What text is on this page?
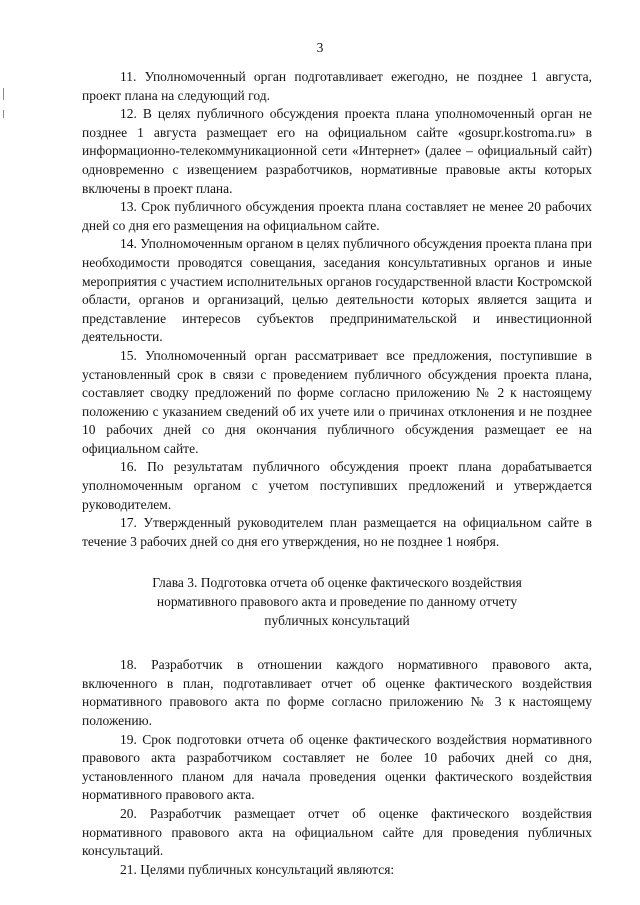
3

11. Уполномоченный орган подготавливает ежегодно, не позднее 1 августа, проект плана на следующий год.

12. В целях публичного обсуждения проекта плана уполномоченный орган не позднее 1 августа размещает его на официальном сайте «gosupr.kostroma.ru» в информационно-телекоммуникационной сети «Интернет» (далее – официальный сайт) одновременно с извещением разработчиков, нормативные правовые акты которых включены в проект плана.

13. Срок публичного обсуждения проекта плана составляет не менее 20 рабочих дней со дня его размещения на официальном сайте.

14. Уполномоченным органом в целях публичного обсуждения проекта плана при необходимости проводятся совещания, заседания консультативных органов и иные мероприятия с участием исполнительных органов государственной власти Костромской области, органов и организаций, целью деятельности которых является защита и представление интересов субъектов предпринимательской и инвестиционной деятельности.

15. Уполномоченный орган рассматривает все предложения, поступившие в установленный срок в связи с проведением публичного обсуждения проекта плана, составляет сводку предложений по форме согласно приложению № 2 к настоящему положению с указанием сведений об их учете или о причинах отклонения и не позднее 10 рабочих дней со дня окончания публичного обсуждения размещает ее на официальном сайте.

16. По результатам публичного обсуждения проект плана дорабатывается уполномоченным органом с учетом поступивших предложений и утверждается руководителем.

17. Утвержденный руководителем план размещается на официальном сайте в течение 3 рабочих дней со дня его утверждения, но не позднее 1 ноября.

Глава 3. Подготовка отчета об оценке фактического воздействия
нормативного правового акта и проведение по данному отчету
публичных консультаций

18. Разработчик в отношении каждого нормативного правового акта, включенного в план, подготавливает отчет об оценке фактического воздействия нормативного правового акта по форме согласно приложению № 3 к настоящему положению.

19. Срок подготовки отчета об оценке фактического воздействия нормативного правового акта разработчиком составляет не более 10 рабочих дней со дня, установленного планом для начала проведения оценки фактического воздействия нормативного правового акта.

20. Разработчик размещает отчет об оценке фактического воздействия нормативного правового акта на официальном сайте для проведения публичных консультаций.

21. Целями публичных консультаций являются:
